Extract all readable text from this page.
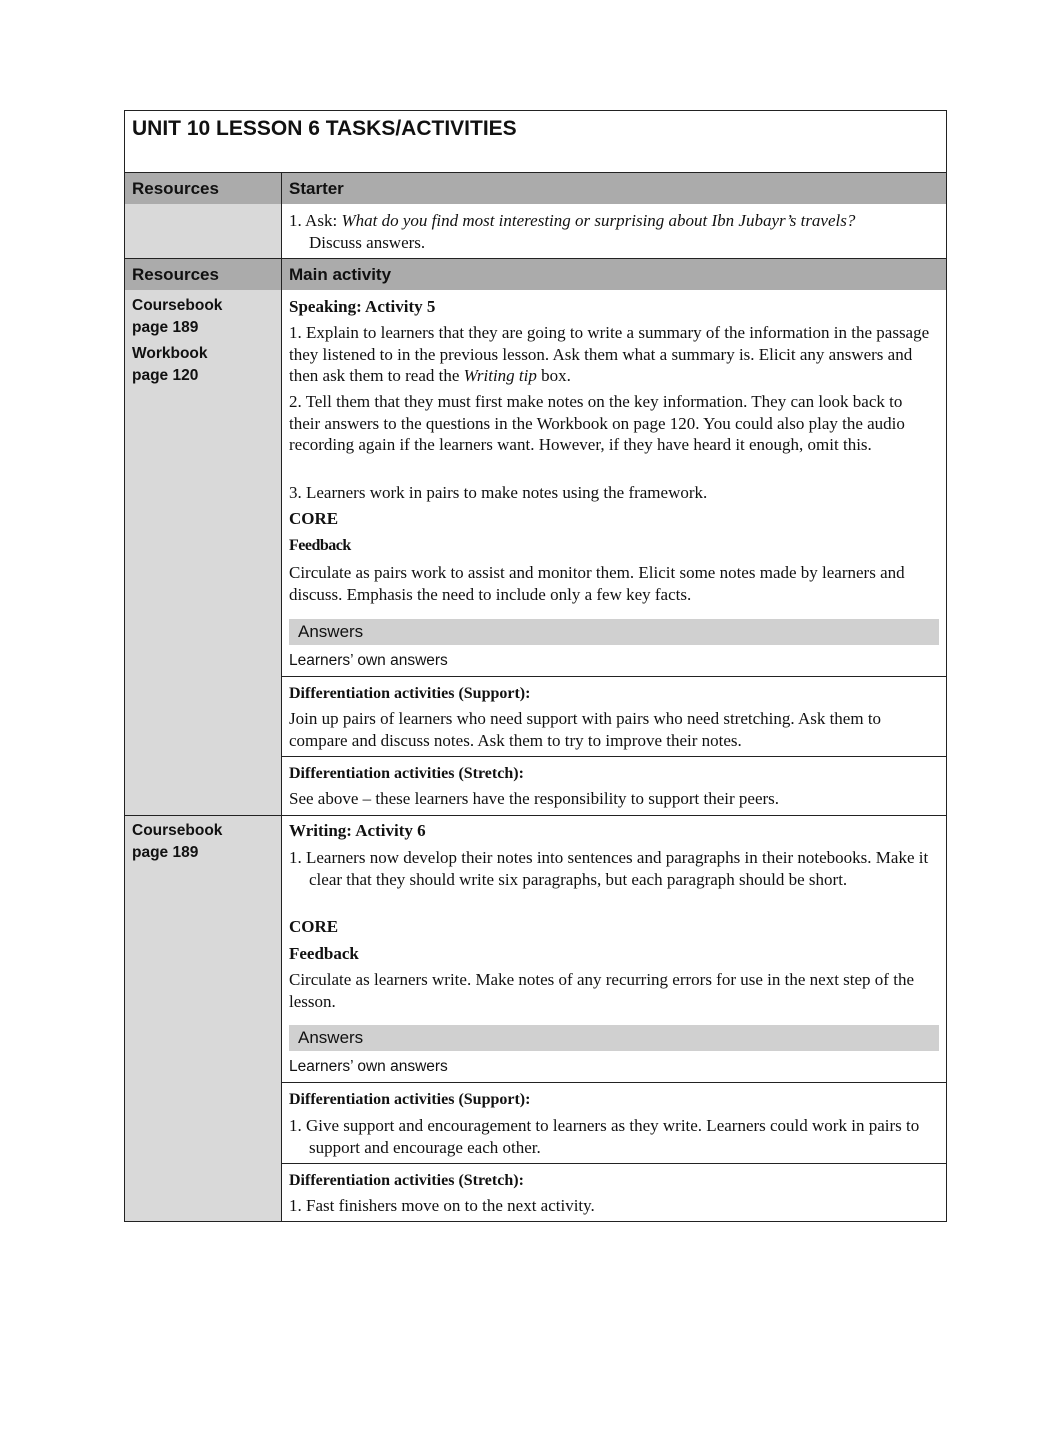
UNIT 10 LESSON 6 TASKS/ACTIVITIES
Resources	Starter
1. Ask: What do you find most interesting or surprising about Ibn Jubayr’s travels?
Discuss answers.
Resources	Main activity
Coursebook
page 189
Workbook
page 120
Speaking: Activity 5
1. Explain to learners that they are going to write a summary of the information in the passage they listened to in the previous lesson. Ask them what a summary is. Elicit any answers and then ask them to read the Writing tip box.
2. Tell them that they must first make notes on the key information. They can look back to their answers to the questions in the Workbook on page 120. You could also play the audio recording again if the learners want. However, if they have heard it enough, omit this.
3. Learners work in pairs to make notes using the framework.
CORE
Feedback
Circulate as pairs work to assist and monitor them. Elicit some notes made by learners and discuss. Emphasis the need to include only a few key facts.
Answers
Learners’ own answers
Differentiation activities (Support):
Join up pairs of learners who need support with pairs who need stretching. Ask them to compare and discuss notes. Ask them to try to improve their notes.
Differentiation activities (Stretch):
See above – these learners have the responsibility to support their peers.
Coursebook
page 189
Writing: Activity 6
1. Learners now develop their notes into sentences and paragraphs in their notebooks. Make it clear that they should write six paragraphs, but each paragraph should be short.
CORE
Feedback
Circulate as learners write. Make notes of any recurring errors for use in the next step of the lesson.
Answers
Learners’ own answers
Differentiation activities (Support):
1. Give support and encouragement to learners as they write. Learners could work in pairs to support and encourage each other.
Differentiation activities (Stretch):
1. Fast finishers move on to the next activity.
